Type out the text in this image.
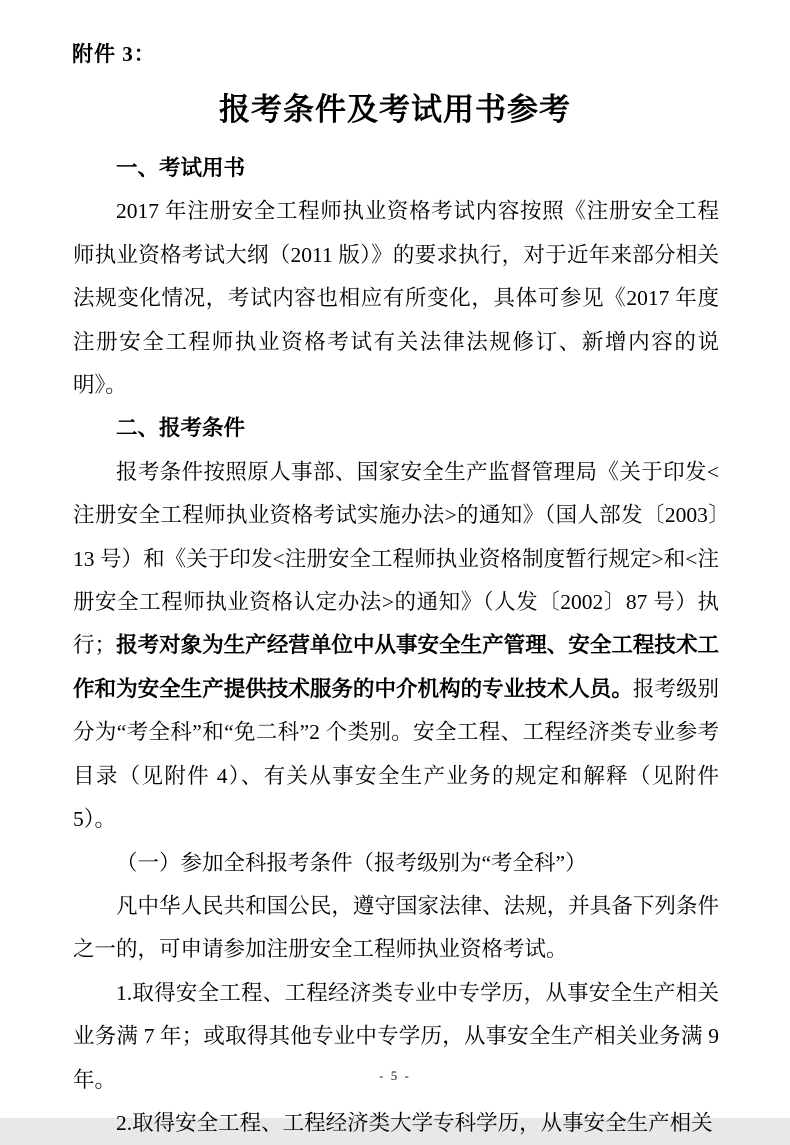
附件 3：
报考条件及考试用书参考

一、考试用书

2017 年注册安全工程师执业资格考试内容按照《注册安全工程师执业资格考试大纲（2011 版）》的要求执行，对于近年来部分相关法规变化情况，考试内容也相应有所变化，具体可参见《2017 年度注册安全工程师执业资格考试有关法律法规修订、新增内容的说明》。

二、报考条件

报考条件按照原人事部、国家安全生产监督管理局《关于印发<注册安全工程师执业资格考试实施办法>的通知》（国人部发〔2003〕13 号）和《关于印发<注册安全工程师执业资格制度暂行规定>和<注册安全工程师执业资格认定办法>的通知》（人发〔2002〕87 号）执行；报考对象为生产经营单位中从事安全生产管理、安全工程技术工作和为安全生产提供技术服务的中介机构的专业技术人员。报考级别分为“考全科”和“免二科”2 个类别。安全工程、工程经济类专业参考目录（见附件 4）、有关从事安全生产业务的规定和解释（见附件 5）。

（一）参加全科报考条件（报考级别为“考全科”）

凡中华人民共和国公民，遵守国家法律、法规，并具备下列条件之一的，可申请参加注册安全工程师执业资格考试。

1.取得安全工程、工程经济类专业中专学历，从事安全生产相关业务满 7 年；或取得其他专业中专学历，从事安全生产相关业务满 9 年。

2.取得安全工程、工程经济类大学专科学历，从事安全生产相关

- 5 -
